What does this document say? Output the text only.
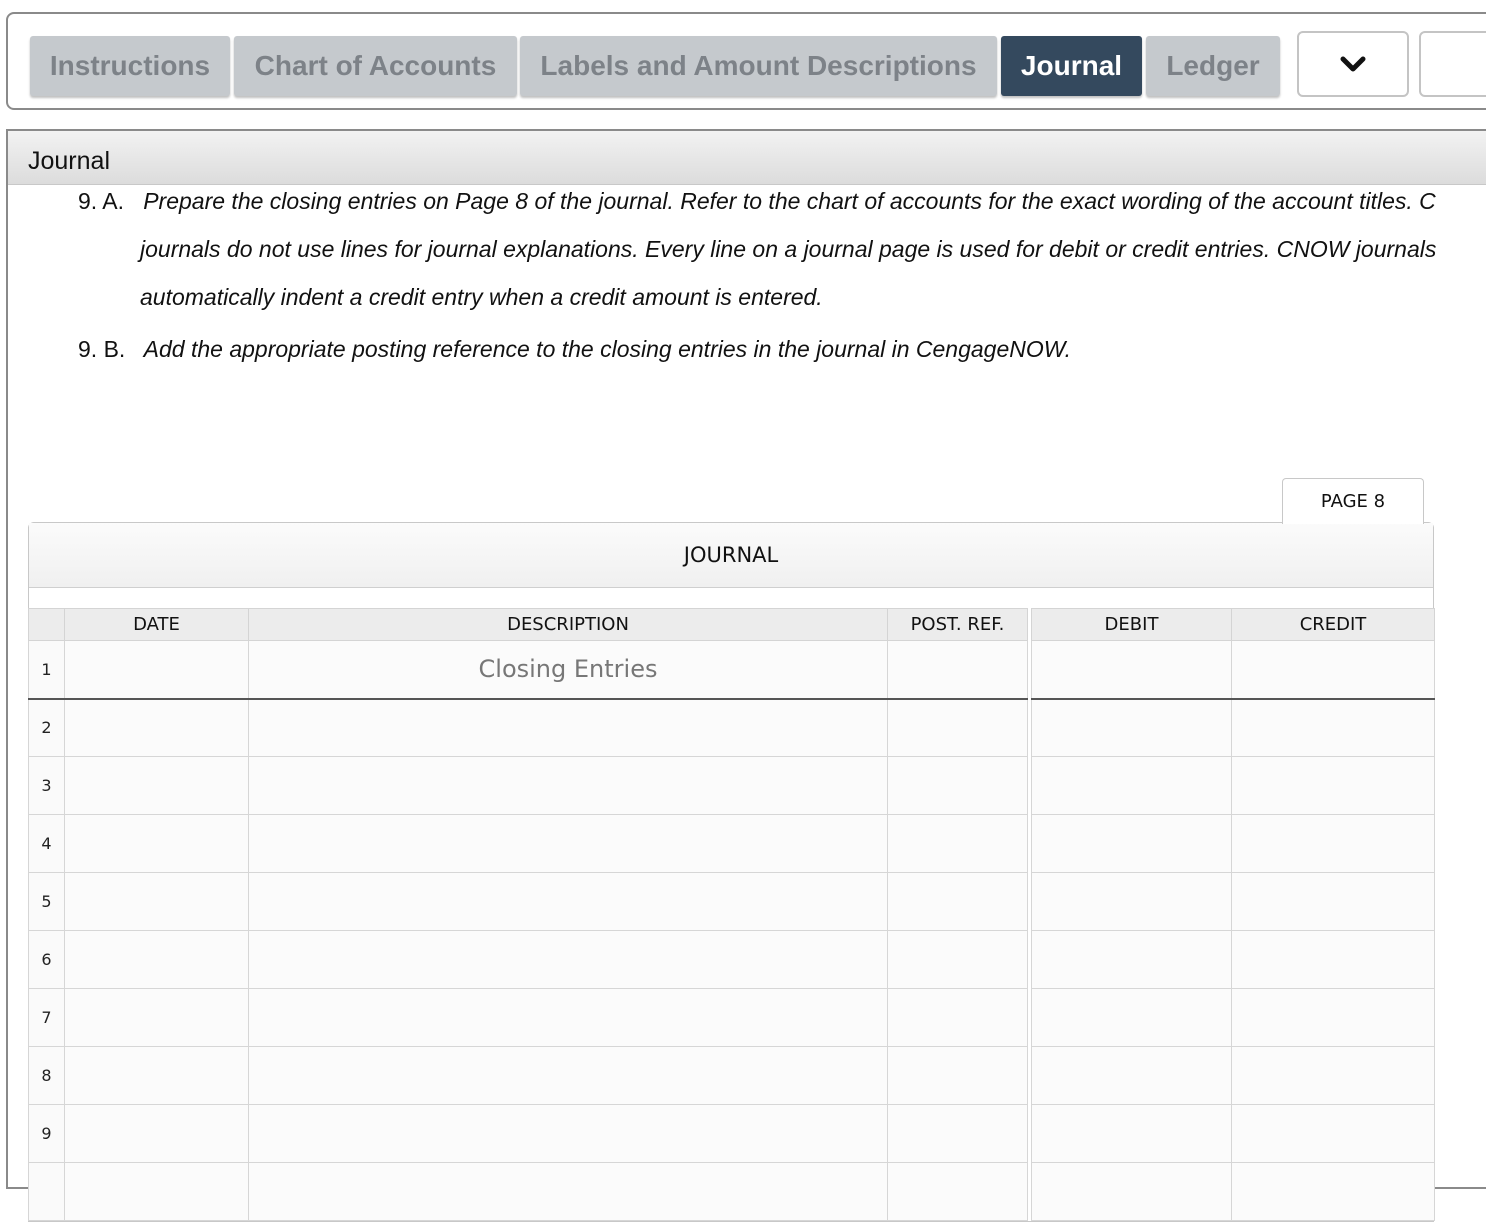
Instructions	Chart of Accounts	Labels and Amount Descriptions	Journal	Ledger
Journal
9. A. Prepare the closing entries on Page 8 of the journal. Refer to the chart of accounts for the exact wording of the account titles. C
journals do not use lines for journal explanations. Every line on a journal page is used for debit or credit entries. CNOW journals
automatically indent a credit entry when a credit amount is entered.
9. B. Add the appropriate posting reference to the closing entries in the journal in CengageNOW.
PAGE 8
JOURNAL
	DATE	DESCRIPTION	POST. REF.		DEBIT	CREDIT
1		Closing Entries				
2						
3						
4						
5						
6						
7						
8						
9						
